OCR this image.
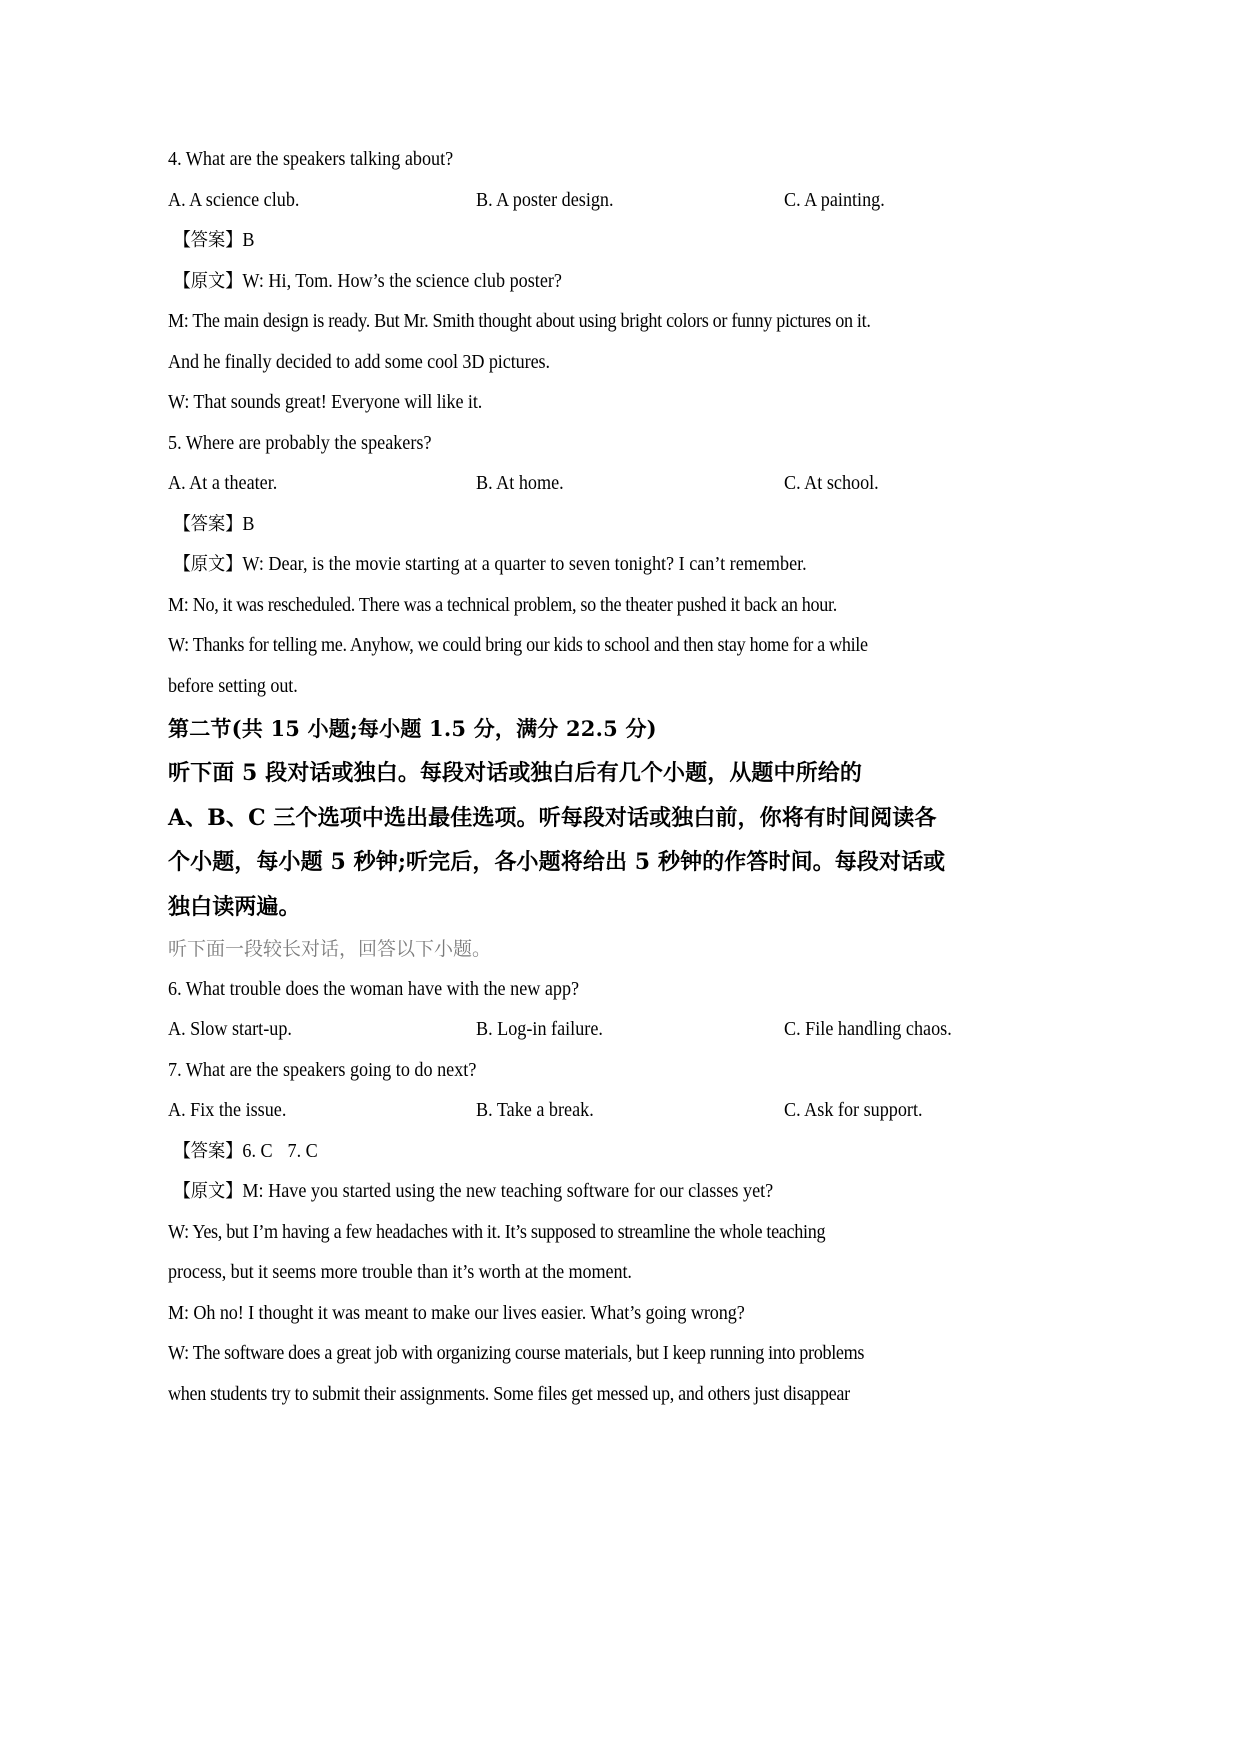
4. What are the speakers talking about?
A. A science club.	B. A poster design.	C. A painting.
【答案】B
【原文】W: Hi, Tom. How’s the science club poster?
M: The main design is ready. But Mr. Smith thought about using bright colors or funny pictures on it.
And he finally decided to add some cool 3D pictures.
W: That sounds great! Everyone will like it.
5. Where are probably the speakers?
A. At a theater.	B. At home.	C. At school.
【答案】B
【原文】W: Dear, is the movie starting at a quarter to seven tonight? I can’t remember.
M: No, it was rescheduled. There was a technical problem, so the theater pushed it back an hour.
W: Thanks for telling me. Anyhow, we could bring our kids to school and then stay home for a while
before setting out.
第二节(共 15 小题;每小题 1.5 分，满分 22.5 分)
听下面 5 段对话或独白。每段对话或独白后有几个小题，从题中所给的
A、B、C 三个选项中选出最佳选项。听每段对话或独白前，你将有时间阅读各
个小题，每小题 5 秒钟;听完后，各小题将给出 5 秒钟的作答时间。每段对话或
独白读两遍。
听下面一段较长对话，回答以下小题。
6. What trouble does the woman have with the new app?
A. Slow start-up.	B. Log-in failure.	C. File handling chaos.
7. What are the speakers going to do next?
A. Fix the issue.	B. Take a break.	C. Ask for support.
【答案】6. C 7. C
【原文】M: Have you started using the new teaching software for our classes yet?
W: Yes, but I’m having a few headaches with it. It’s supposed to streamline the whole teaching
process, but it seems more trouble than it’s worth at the moment.
M: Oh no! I thought it was meant to make our lives easier. What’s going wrong?
W: The software does a great job with organizing course materials, but I keep running into problems
when students try to submit their assignments. Some files get messed up, and others just disappear
